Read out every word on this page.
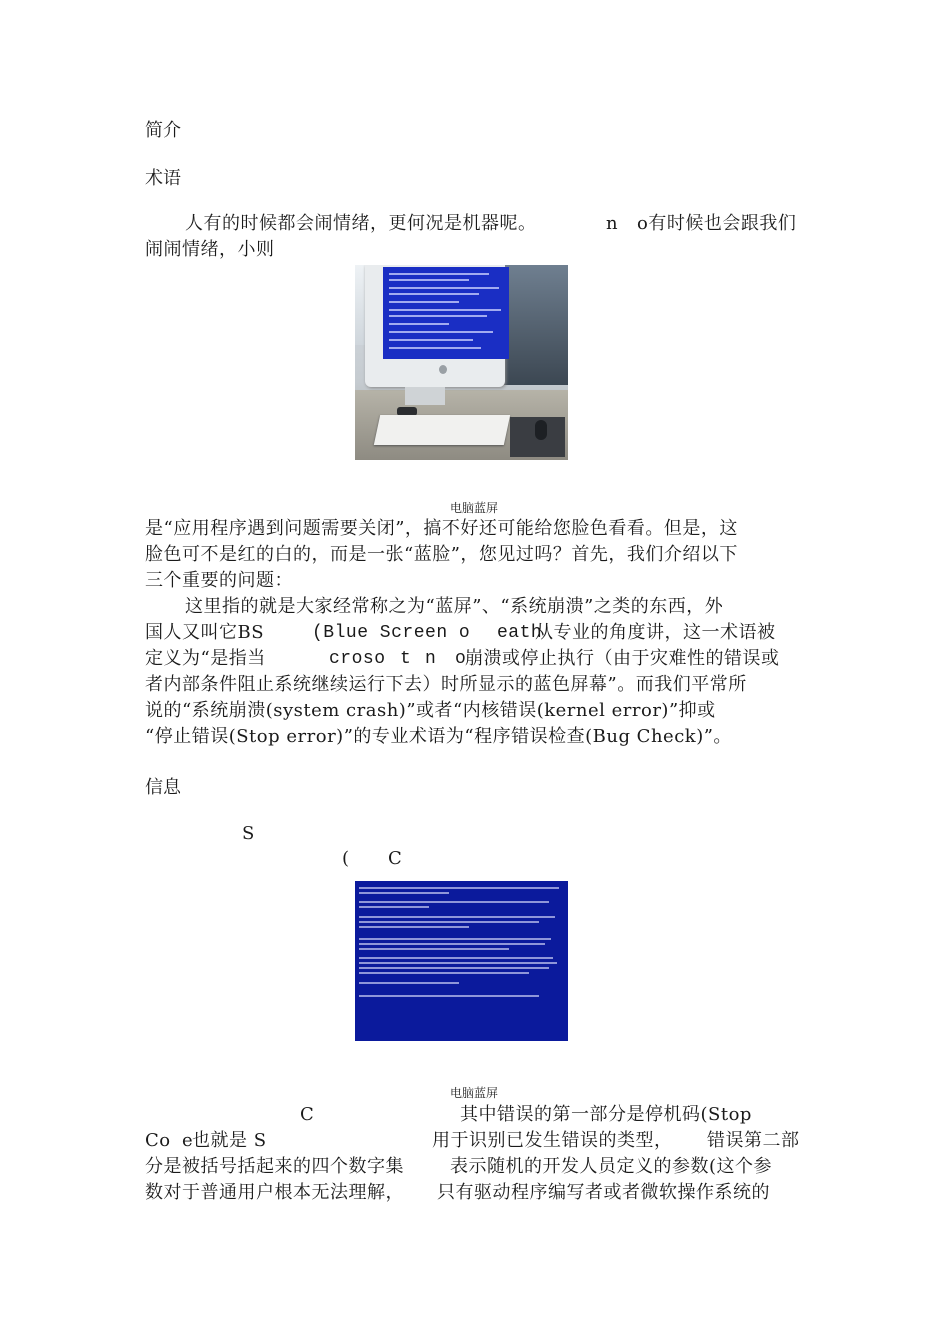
简介
术语
人有的时候都会闹情绪，更何况是机器呢。	n o有时候也会跟我们
闹闹情绪，小则
电脑蓝屏
是“应用程序遇到问题需要关闭”，搞不好还可能给您脸色看看。但是，这
脸色可不是红的白的，而是一张“蓝脸”，您见过吗？首先，我们介绍以下
三个重要的问题：
这里指的就是大家经常称之为“蓝屏”、“系统崩溃”之类的东西，外
国人又叫它BS	(Blue Screen o eath
从专业的角度讲，这一术语被
定义为“是指当	croso t n o
崩溃或停止执行（由于灾难性的错误或
者内部条件阻止系统继续运行下去）时所显示的蓝色屏幕”。而我们平常所
说的“系统崩溃(system crash)”或者“内核错误(kernel error)”抑或
“停止错误(Stop error)”的专业术语为“程序错误检查(Bug Check)”。
信息
S
( C
电脑蓝屏
C	其中错误的第一部分是停机码(Stop
Co e
也就是 S	用于识别已发生错误的类型， 错误第二部
分是被括号括起来的四个数字集	表示随机的开发人员定义的参数(这个参
数对于普通用户根本无法理解， 只有驱动程序编写者或者微软操作系统的
